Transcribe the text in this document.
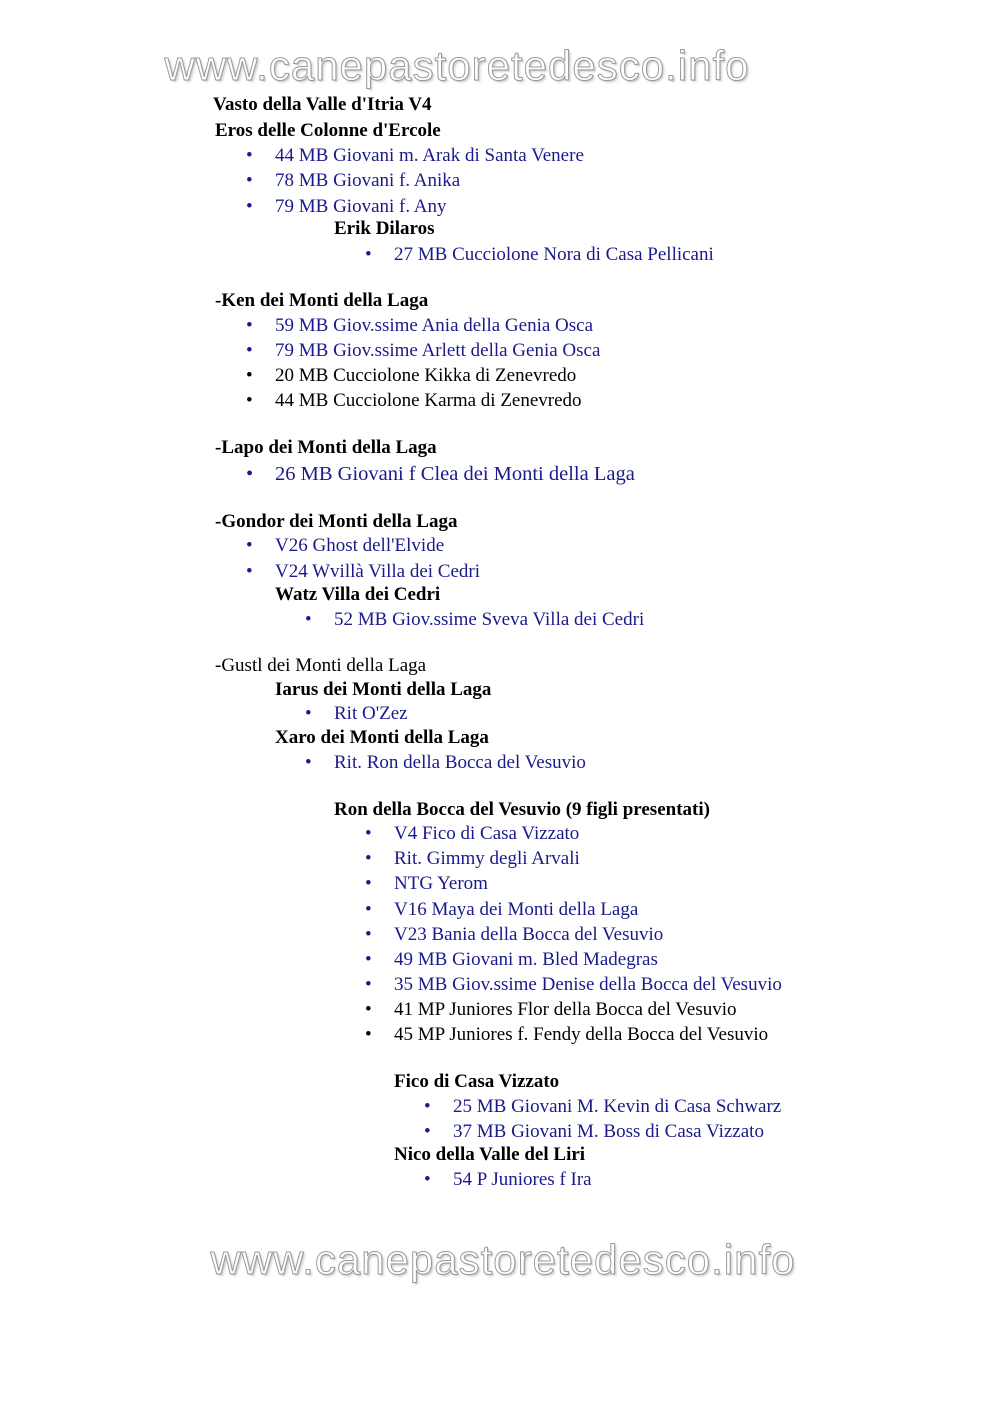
www.canepastoretedesco.info
www.canepastoretedesco.info
Vasto della Valle d'Itria V4
Eros delle Colonne d'Ercole
• 44 MB Giovani m. Arak di Santa Venere
• 78 MB Giovani f. Anika
• 79 MB Giovani f. Any
Erik Dilaros
• 27 MB Cucciolone Nora di Casa Pellicani
-Ken dei Monti della Laga
• 59 MB Giov.ssime Ania della Genia Osca
• 79 MB Giov.ssime Arlett della Genia Osca
• 20 MB Cucciolone Kikka di Zenevredo
• 44 MB Cucciolone Karma di Zenevredo
-Lapo dei Monti della Laga
• 26 MB Giovani f Clea dei Monti della Laga
-Gondor dei Monti della Laga
• V26 Ghost dell'Elvide
• V24 Wvillà Villa dei Cedri
Watz Villa dei Cedri
• 52 MB Giov.ssime Sveva Villa dei Cedri
-Gustl dei Monti della Laga
Iarus dei Monti della Laga
• Rit O'Zez
Xaro dei Monti della Laga
• Rit. Ron della Bocca del Vesuvio
Ron della Bocca del Vesuvio (9 figli presentati)
• V4 Fico di Casa Vizzato
• Rit. Gimmy degli Arvali
• NTG Yerom
• V16 Maya dei Monti della Laga
• V23 Bania della Bocca del Vesuvio
• 49 MB Giovani m. Bled Madegras
• 35 MB Giov.ssime Denise della Bocca del Vesuvio
• 41 MP Juniores Flor della Bocca del Vesuvio
• 45 MP Juniores f. Fendy della Bocca del Vesuvio
Fico di Casa Vizzato
• 25 MB Giovani M. Kevin di Casa Schwarz
• 37 MB Giovani M. Boss di Casa Vizzato
Nico della Valle del Liri
• 54 P Juniores f Ira
